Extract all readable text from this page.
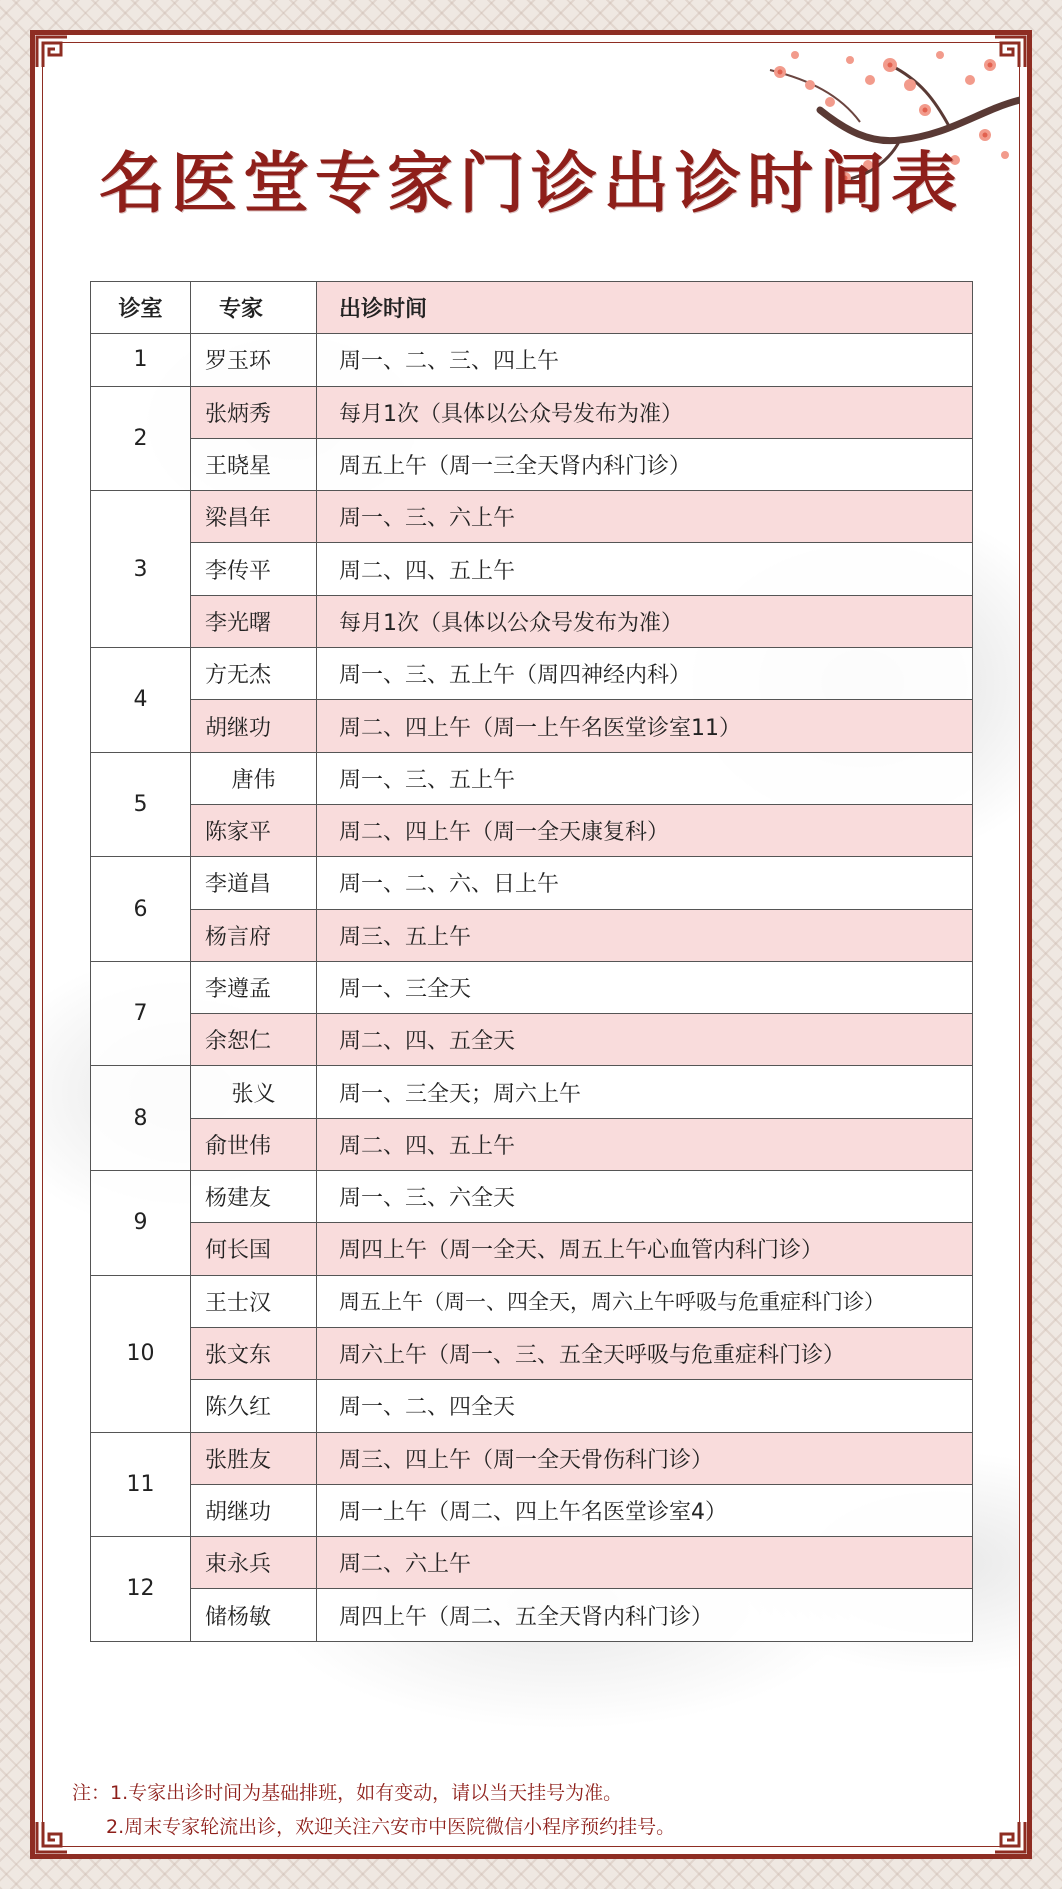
名医堂专家门诊出诊时间表
诊室	专家	出诊时间
1	罗玉环	周一、二、三、四上午
2	张炳秀	每月1次（具体以公众号发布为准）
	王晓星	周五上午（周一三全天肾内科门诊）
3	梁昌年	周一、三、六上午
	李传平	周二、四、五上午
	李光曙	每月1次（具体以公众号发布为准）
4	方无杰	周一、三、五上午（周四神经内科）
	胡继功	周二、四上午（周一上午名医堂诊室11）
5	唐伟	周一、三、五上午
	陈家平	周二、四上午（周一全天康复科）
6	李道昌	周一、二、六、日上午
	杨言府	周三、五上午
7	李遵孟	周一、三全天
	余恕仁	周二、四、五全天
8	张义	周一、三全天；周六上午
	俞世伟	周二、四、五上午
9	杨建友	周一、三、六全天
	何长国	周四上午（周一全天、周五上午心血管内科门诊）
10	王士汉	周五上午（周一、四全天，周六上午呼吸与危重症科门诊）
	张文东	周六上午（周一、三、五全天呼吸与危重症科门诊）
	陈久红	周一、二、四全天
11	张胜友	周三、四上午（周一全天骨伤科门诊）
	胡继功	周一上午（周二、四上午名医堂诊室4）
12	束永兵	周二、六上午
	储杨敏	周四上午（周二、五全天肾内科门诊）
注：1.专家出诊时间为基础排班，如有变动，请以当天挂号为准。
2.周末专家轮流出诊，欢迎关注六安市中医院微信小程序预约挂号。
